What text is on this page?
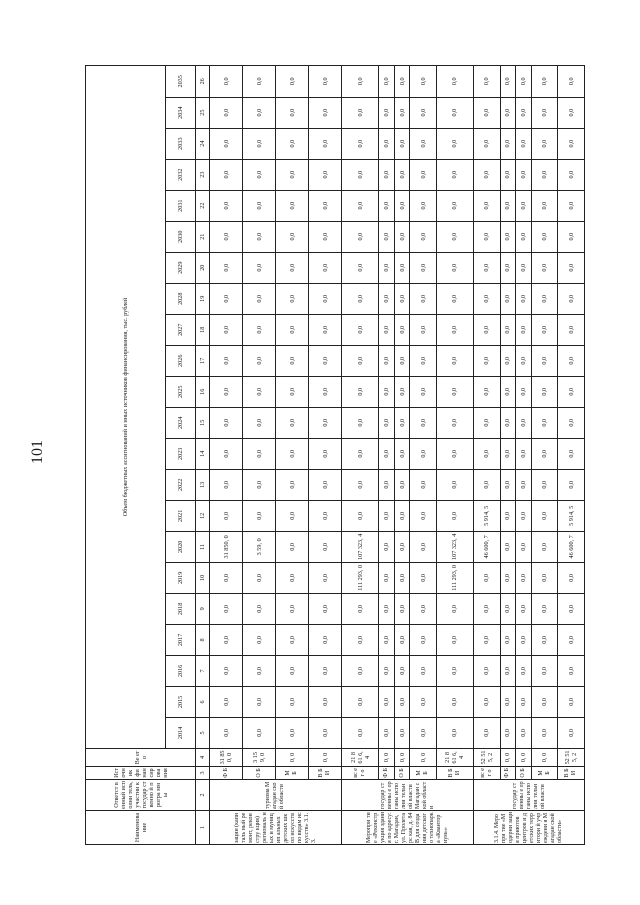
101
Наименова ние	Ответст венный исполни тель, участни к государ ственно й програ ммы	Источник финансирования	Ве ег о	Объем бюджетных ассигнований и иных источников финансирования, тыс. рублей																					
				2014	2015	2016	2017	2018	2019	2020	2021	2022	2023	2024	2025	2026	2027	2028	2029	2030	2031	2032	2033	2034	2035
1	2	3	4	5	6	7	8	9	10	11	12	13	14	15	16	17	18	19	20	21	22	23	24	25	26
зации (капиталь ный ремонт, реконстру кция) региональ ных и муницип альных детских школ искусств по видам искусств» 3.1.3.	туризма Магадан ской области	Ф Б	31 85 0, 0	0,0	0,0	0,0	0,0	0,0	0,0	31 850, 0	0,0	0,0	0,0	0,0	0,0	0,0	0,0	0,0	0,0	0,0	0,0	0,0	0,0	0,0	0,0
		О Б	3 15 9, 0	0,0	0,0	0,0	0,0	0,0	0,0	3 59, 0	0,0	0,0	0,0	0,0	0,0	0,0	0,0	0,0	0,0	0,0	0,0	0,0	0,0	0,0	0,0
		М Б	0, 0	0,0	0,0	0,0	0,0	0,0	0,0	0,0	0,0	0,0	0,0	0,0	0,0	0,0	0,0	0,0	0,0	0,0	0,0	0,0	0,0	0,0	0,0
		В Б И	0, 0	0,0	0,0	0,0	0,0	0,0	0,0	0,0	0,0	0,0	0,0	0,0	0,0	0,0	0,0	0,0	0,0	0,0	0,0	0,0	0,0	0,0	0,0
Меропри тие «Реконстр укция здания по адресу: г. Магадан, ул. Пролетарс кая, д. 84В для создания детского технопарк а «Кванториум»»	государ ственны е органы исполни тельной власти Магадан ской области	вс ег о	21 8 61 6, 4	0,0	0,0	0,0	0,0	0,0	111 293, 0	107 323, 4	0,0	0,0	0,0	0,0	0,0	0,0	0,0	0,0	0,0	0,0	0,0	0,0	0,0	0,0	0,0
		Ф Б	0, 0	0,0	0,0	0,0	0,0	0,0	0,0	0,0	0,0	0,0	0,0	0,0	0,0	0,0	0,0	0,0	0,0	0,0	0,0	0,0	0,0	0,0	0,0
		О Б	0, 0	0,0	0,0	0,0	0,0	0,0	0,0	0,0	0,0	0,0	0,0	0,0	0,0	0,0	0,0	0,0	0,0	0,0	0,0	0,0	0,0	0,0	0,0
		М Б	0, 0	0,0	0,0	0,0	0,0	0,0	0,0	0,0	0,0	0,0	0,0	0,0	0,0	0,0	0,0	0,0	0,0	0,0	0,0	0,0	0,0	0,0	0,0
		В Б И	21 8 61 6, 4	0,0	0,0	0,0	0,0	0,0	111 293, 0	107 323, 4	0,0	0,0	0,0	0,0	0,0	0,0	0,0	0,0	0,0	0,0	0,0	0,0	0,0	0,0	0,0
3.1.4. Меропри тие «Модерни зация приютов центров и детских территори й учреждени я Магадан ской области»	государ ственны е органы исполни тельной власти	вс ег о	52 51 5, 2	0,0	0,0	0,0	0,0	0,0	0,0	46 600, 7	5 914, 5	0,0	0,0	0,0	0,0	0,0	0,0	0,0	0,0	0,0	0,0	0,0	0,0	0,0	0,0
		Ф Б	0, 0	0,0	0,0	0,0	0,0	0,0	0,0	0,0	0,0	0,0	0,0	0,0	0,0	0,0	0,0	0,0	0,0	0,0	0,0	0,0	0,0	0,0	0,0
		О Б	0, 0	0,0	0,0	0,0	0,0	0,0	0,0	0,0	0,0	0,0	0,0	0,0	0,0	0,0	0,0	0,0	0,0	0,0	0,0	0,0	0,0	0,0	0,0
		М Б	0, 0	0,0	0,0	0,0	0,0	0,0	0,0	0,0	0,0	0,0	0,0	0,0	0,0	0,0	0,0	0,0	0,0	0,0	0,0	0,0	0,0	0,0	0,0
		В Б И	52 51 5, 2	0,0	0,0	0,0	0,0	0,0	0,0	46 600, 7	5 914, 5	0,0	0,0	0,0	0,0	0,0	0,0	0,0	0,0	0,0	0,0	0,0	0,0	0,0	0,0
